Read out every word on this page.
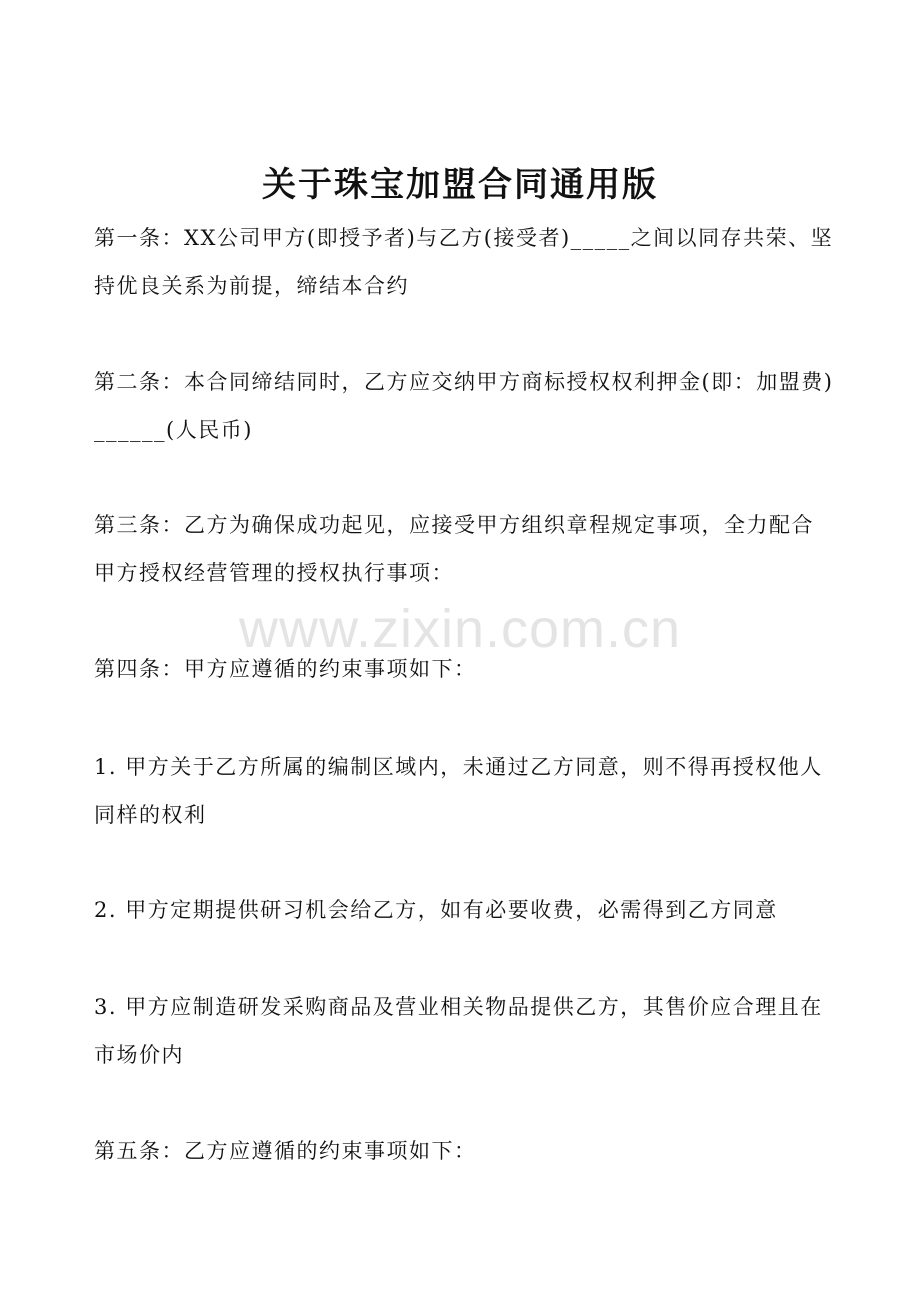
关于珠宝加盟合同通用版

第一条：XX公司甲方(即授予者)与乙方(接受者)_____之间以同存共荣、坚持优良关系为前提，缔结本合约

第二条：本合同缔结同时，乙方应交纳甲方商标授权权利押金(即：加盟费)______(人民币)

第三条：乙方为确保成功起见，应接受甲方组织章程规定事项，全力配合甲方授权经营管理的授权执行事项：

第四条：甲方应遵循的约束事项如下：

1. 甲方关于乙方所属的编制区域内，未通过乙方同意，则不得再授权他人同样的权利

2. 甲方定期提供研习机会给乙方，如有必要收费，必需得到乙方同意

3. 甲方应制造研发采购商品及营业相关物品提供乙方，其售价应合理且在市场价内

第五条：乙方应遵循的约束事项如下：

www.zixin.com.cn
